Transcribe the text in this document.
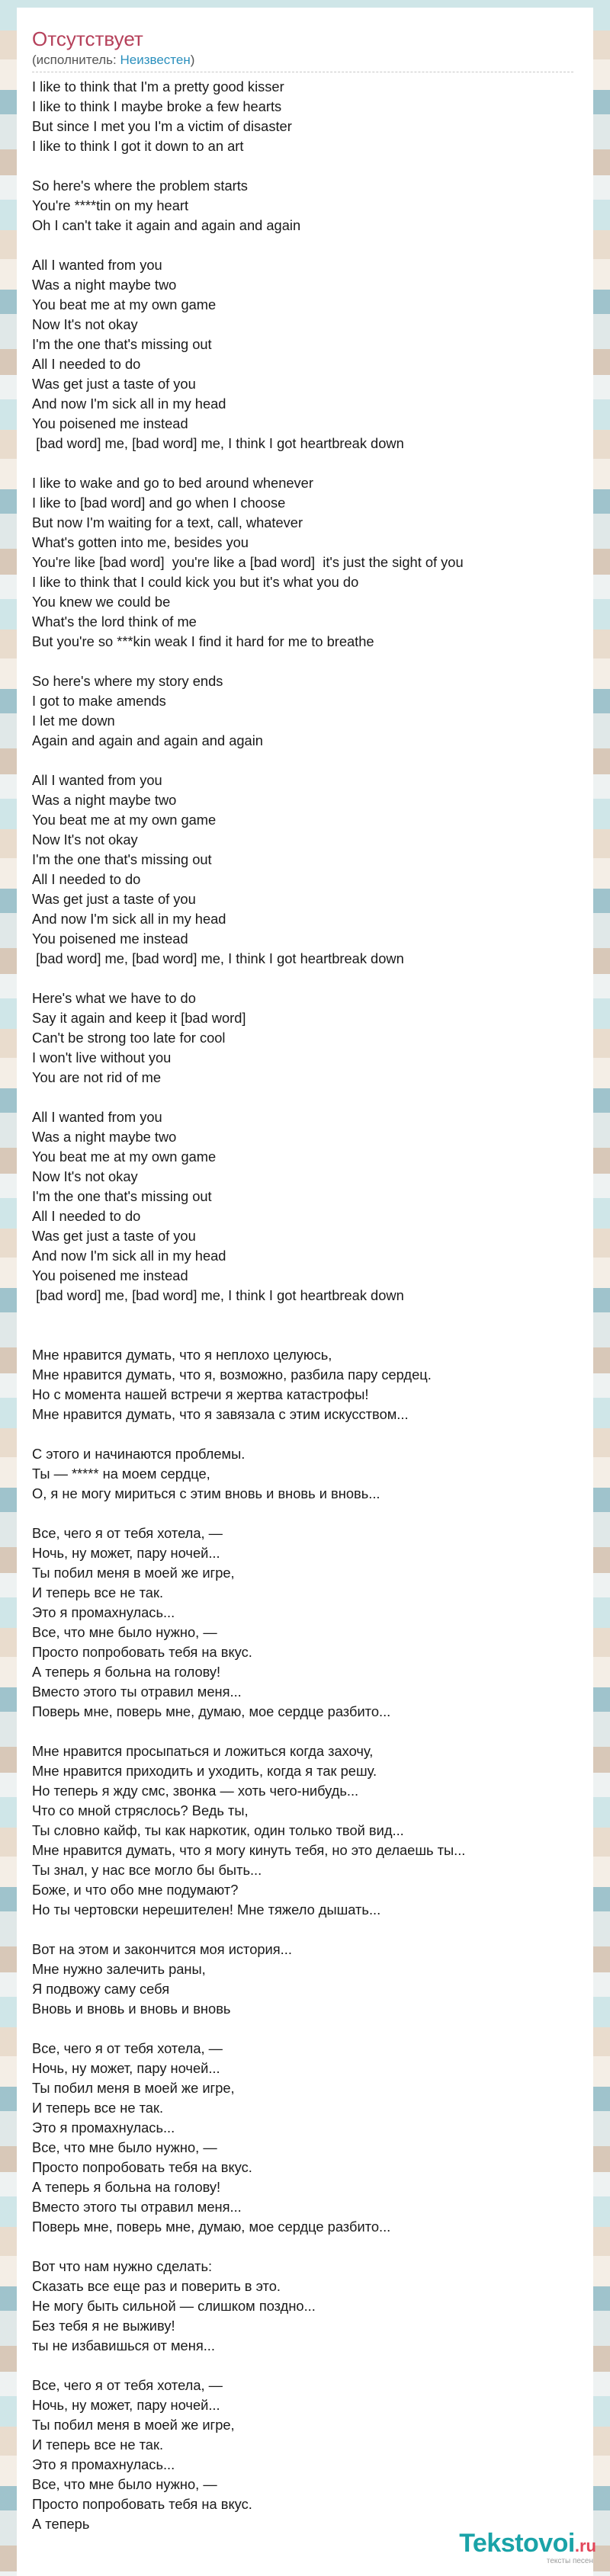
Отсутствует
(исполнитель: Неизвестен)
I like to think that I'm a pretty good kisser
I like to think I maybe broke a few hearts
But since I met you I'm a victim of disaster
I like to think I got it down to an art

So here's where the problem starts
You're ****tin on my heart
Oh I can't take it again and again and again

All I wanted from you
Was a night maybe two
You beat me at my own game
Now It's not okay
I'm the one that's missing out
All I needed to do
Was get just a taste of you
And now I'm sick all in my head
You poisened me instead
[bad word] me, [bad word] me, I think I got heartbreak down

I like to wake and go to bed around whenever
I like to [bad word] and go when I choose
But now I'm waiting for a text, call, whatever
What's gotten into me, besides you
You're like [bad word]  you're like a [bad word]  it's just the sight of you
I like to think that I could kick you but it's what you do
You knew we could be
What's the lord think of me
But you're so ***kin weak I find it hard for me to breathe

So here's where my story ends
I got to make amends
I let me down
Again and again and again and again

All I wanted from you
Was a night maybe two
You beat me at my own game
Now It's not okay
I'm the one that's missing out
All I needed to do
Was get just a taste of you
And now I'm sick all in my head
You poisened me instead
[bad word] me, [bad word] me, I think I got heartbreak down

Here's what we have to do
Say it again and keep it [bad word]
Can't be strong too late for cool
I won't live without you
You are not rid of me

All I wanted from you
Was a night maybe two
You beat me at my own game
Now It's not okay
I'm the one that's missing out
All I needed to do
Was get just a taste of you
And now I'm sick all in my head
You poisened me instead
[bad word] me, [bad word] me, I think I got heartbreak down

Мне нравится думать, что я неплохо целуюсь,
Мне нравится думать, что я, возможно, разбила пару сердец.
Но с момента нашей встречи я жертва катастрофы!
Мне нравится думать, что я завязала с этим искусством...

С этого и начинаются проблемы.
Ты — ***** на моем сердце,
О, я не могу мириться с этим вновь и вновь и вновь...

Все, чего я от тебя хотела, —
Ночь, ну может, пару ночей...
Ты побил меня в моей же игре,
И теперь все не так.
Это я промахнулась...
Все, что мне было нужно, —
Просто попробовать тебя на вкус.
А теперь я больна на голову!
Вместо этого ты отравил меня...
Поверь мне, поверь мне, думаю, мое сердце разбито...

Мне нравится просыпаться и ложиться когда захочу,
Мне нравится приходить и уходить, когда я так решу.
Но теперь я жду смс, звонка — хоть чего-нибудь...
Что со мной стряслось? Ведь ты,
Ты словно кайф, ты как наркотик, один только твой вид...
Мне нравится думать, что я могу кинуть тебя, но это делаешь ты...
Ты знал, у нас все могло бы быть...
Боже, и что обо мне подумают?
Но ты чертовски нерешителен! Мне тяжело дышать...

Вот на этом и закончится моя история...
Мне нужно залечить раны,
Я подвожу саму себя
Вновь и вновь и вновь и вновь

Все, чего я от тебя хотела, —
Ночь, ну может, пару ночей...
Ты побил меня в моей же игре,
И теперь все не так.
Это я промахнулась...
Все, что мне было нужно, —
Просто попробовать тебя на вкус.
А теперь я больна на голову!
Вместо этого ты отравил меня...
Поверь мне, поверь мне, думаю, мое сердце разбито...

Вот что нам нужно сделать:
Сказать все еще раз и поверить в это.
Не могу быть сильной — слишком поздно...
Без тебя я не выживу!
ты не избавишься от меня...

Все, чего я от тебя хотела, —
Ночь, ну может, пару ночей...
Ты побил меня в моей же игре,
И теперь все не так.
Это я промахнулась...
Все, что мне было нужно, —
Просто попробовать тебя на вкус.
А теперь
Tekstovoi.ru
тексты песен
